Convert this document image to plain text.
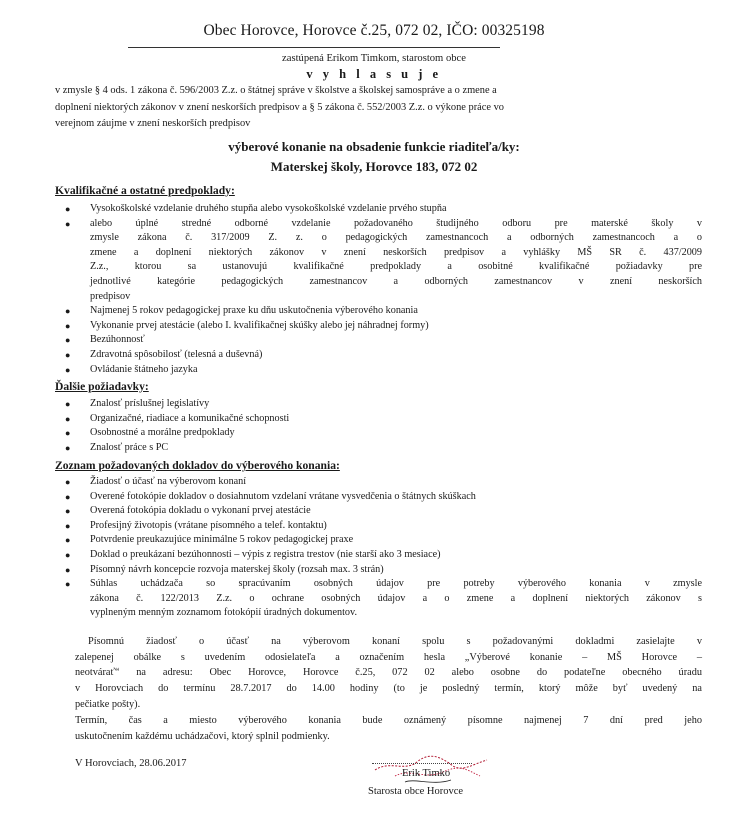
Obec Horovce, Horovce č.25, 072 02, IČO: 00325198
zastúpená Erikom Timkom, starostom obce
v y h l a s u j e
v zmysle § 4 ods. 1 zákona č. 596/2003 Z.z. o štátnej správe v školstve a školskej samospráve a o zmene a
doplnení niektorých zákonov v znení neskorších predpisov a § 5 zákona č. 552/2003 Z.z. o výkone práce vo
verejnom záujme v znení neskorších predpisov
výberové konanie na obsadenie funkcie riaditeľa/ky:
Materskej školy, Horovce 183, 072 02
Kvalifikačné a ostatné predpoklady:
● Vysokoškolské vzdelanie druhého stupňa alebo vysokoškolské vzdelanie prvého stupňa
● alebo úplné stredné odborné vzdelanie požadovaného študijného odboru pre materské školy v
zmysle zákona č. 317/2009 Z. z. o pedagogických zamestnancoch a odborných zamestnancoch a o
zmene a doplnení niektorých zákonov v znení neskorších predpisov a vyhlášky MŠ SR č. 437/2009
Z.z., ktorou sa ustanovujú kvalifikačné predpoklady a osobitné kvalifikačné požiadavky pre
jednotlivé kategórie pedagogických zamestnancov a odborných zamestnancov v znení neskorších
predpisov
● Najmenej 5 rokov pedagogickej praxe ku dňu uskutočnenia výberového konania
● Vykonanie prvej atestácie (alebo I. kvalifikačnej skúšky alebo jej náhradnej formy)
● Bezúhonnosť
● Zdravotná spôsobilosť (telesná a duševná)
● Ovládanie štátneho jazyka
Ďalšie požiadavky:
● Znalosť príslušnej legislatívy
● Organizačné, riadiace a komunikačné schopnosti
● Osobnostné a morálne predpoklady
● Znalosť práce s PC
Zoznam požadovaných dokladov do výberového konania:
● Žiadosť o účasť na výberovom konaní
● Overené fotokópie dokladov o dosiahnutom vzdelaní vrátane vysvedčenia o štátnych skúškach
● Overená fotokópia dokladu o vykonaní prvej atestácie
● Profesijný životopis (vrátane písomného a telef. kontaktu)
● Potvrdenie preukazujúce minimálne 5 rokov pedagogickej praxe
● Doklad o preukázaní bezúhonnosti – výpis z registra trestov (nie starší ako 3 mesiace)
● Písomný návrh koncepcie rozvoja materskej školy (rozsah max. 3 strán)
● Súhlas uchádzača so spracúvaním osobných údajov pre potreby výberového konania v zmysle
zákona č. 122/2013 Z.z. o ochrane osobných údajov a o zmene a doplnení niektorých zákonov s
vyplneným menným zoznamom fotokópií úradných dokumentov.
Písomnú žiadosť o účasť na výberovom konaní spolu s požadovanými dokladmi zasielajte v
zalepenej obálke s uvedením odosielateľa a označením hesla „Výberové konanie – MŠ Horovce –
neotvárať“ na adresu: Obec Horovce, Horovce č.25, 072 02 alebo osobne do podateľne obecného úradu
v Horovciach do termínu 28.7.2017 do 14.00 hodiny (to je posledný termín, ktorý môže byť uvedený na
pečiatke pošty).
Termín, čas a miesto výberového konania bude oznámený písomne najmenej 7 dní pred jeho
uskutočnením každému uchádzačovi, ktorý splnil podmienky.
V Horovciach, 28.06.2017
Erik Timko
Starosta obce Horovce
